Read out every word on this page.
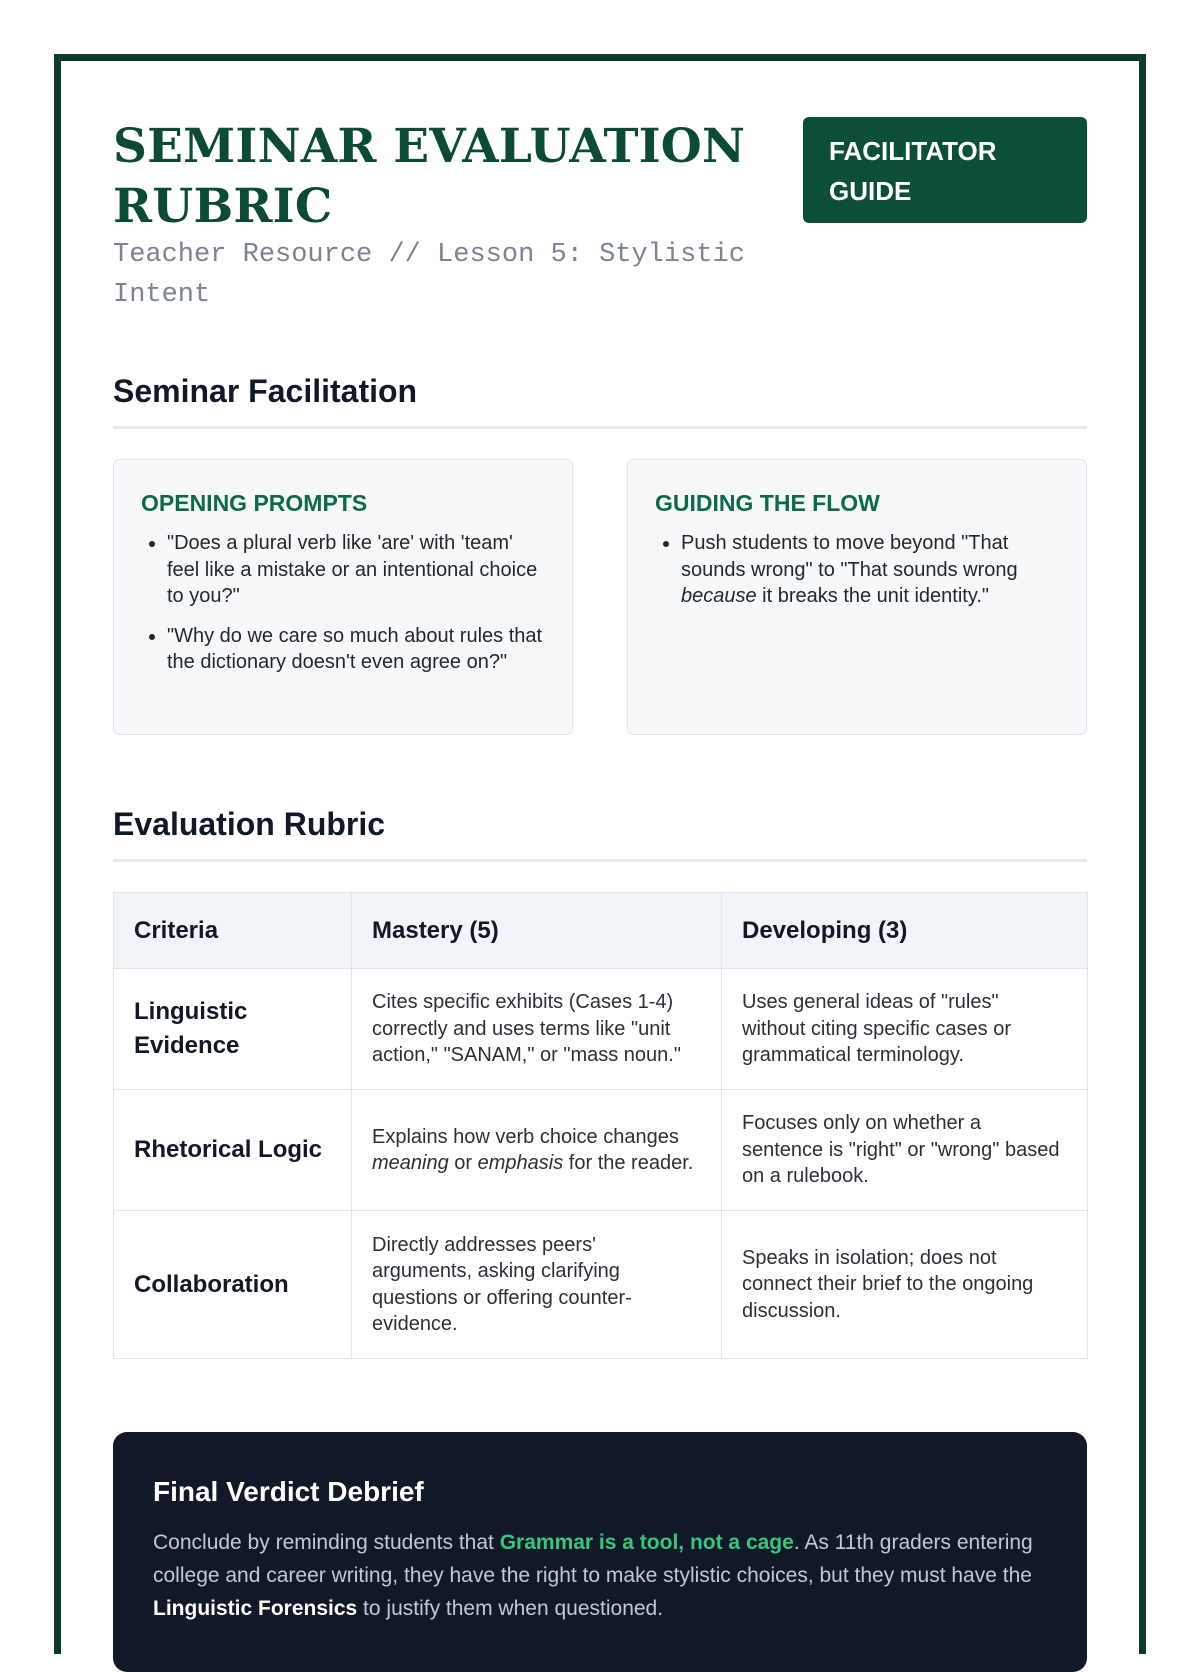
SEMINAR EVALUATION RUBRIC

Teacher Resource // Lesson 5: Stylistic Intent

FACILITATOR GUIDE
Seminar Facilitation
OPENING PROMPTS
• "Does a plural verb like 'are' with 'team' feel like a mistake or an intentional choice to you?"
• "Why do we care so much about rules that the dictionary doesn't even agree on?"
GUIDING THE FLOW
• Push students to move beyond "That sounds wrong" to "That sounds wrong because it breaks the unit identity."
Evaluation Rubric
Criteria	Mastery (5)	Developing (3)
Linguistic Evidence	Cites specific exhibits (Cases 1-4) correctly and uses terms like "unit action," "SANAM," or "mass noun."	Uses general ideas of "rules" without citing specific cases or grammatical terminology.
Rhetorical Logic	Explains how verb choice changes meaning or emphasis for the reader.	Focuses only on whether a sentence is "right" or "wrong" based on a rulebook.
Collaboration	Directly addresses peers' arguments, asking clarifying questions or offering counter-evidence.	Speaks in isolation; does not connect their brief to the ongoing discussion.
Final Verdict Debrief

Conclude by reminding students that Grammar is a tool, not a cage. As 11th graders entering college and career writing, they have the right to make stylistic choices, but they must have the Linguistic Forensics to justify them when questioned.
